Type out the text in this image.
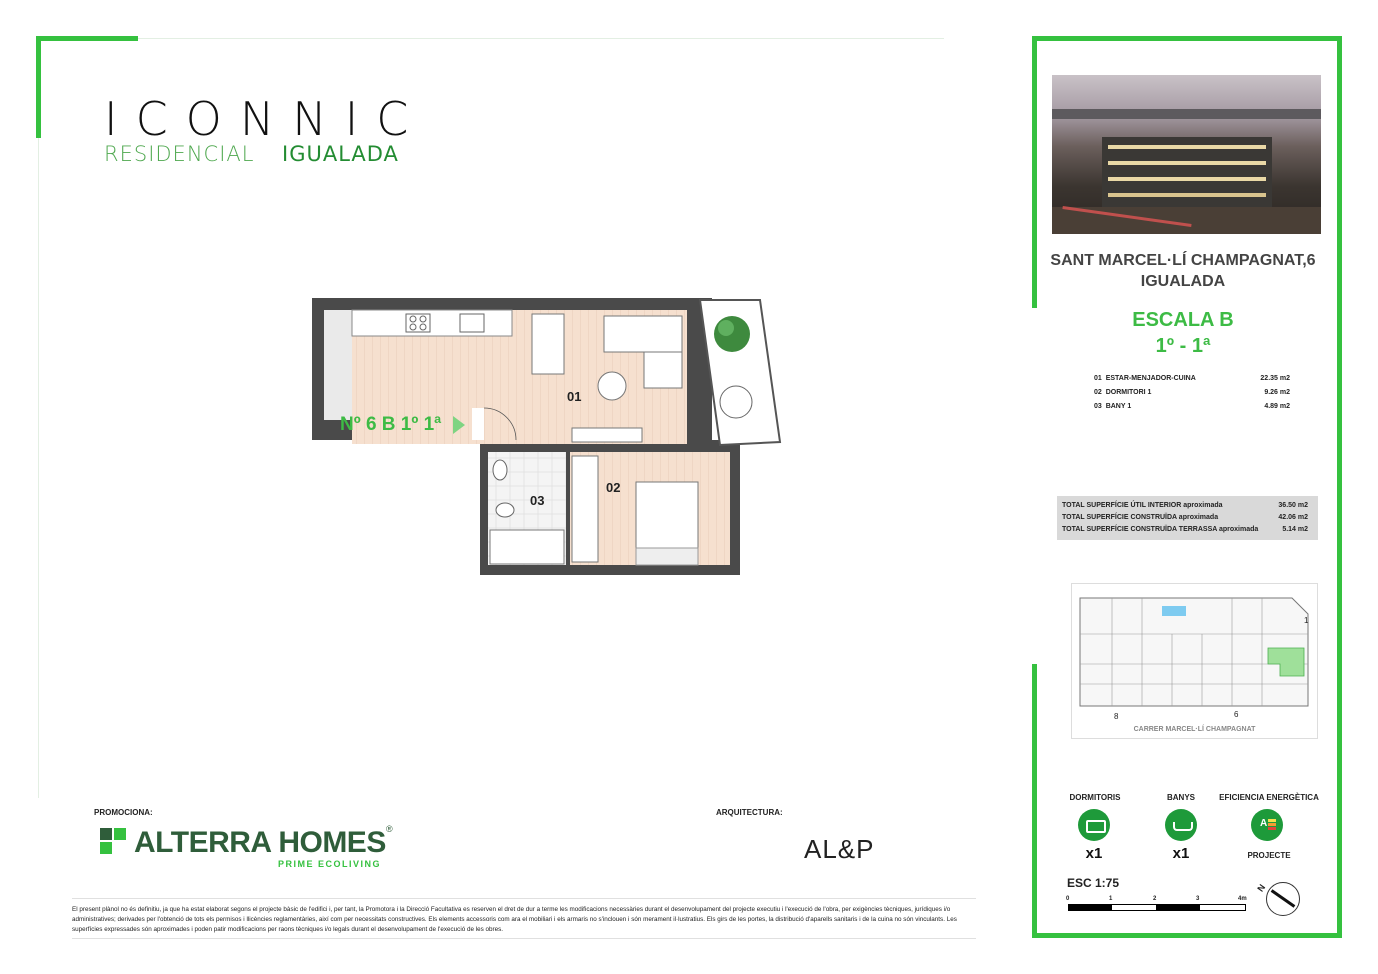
ICONNIC
RESIDENCIAL IGUALADA
01
02
03
Nº 6 B 1º 1ª
PROMOCIONA:
ALTERRA HOMES ®
PRIME ECOLIVING
ARQUITECTURA:
AL&P
El present plànol no és definitiu, ja que ha estat elaborat segons el projecte bàsic de l'edifici i, per tant, la Promotora i la Direcció Facultativa es reserven el dret de dur a terme les modificacions necessàries durant el desenvolupament del projecte executiu i l'execució de l'obra, per exigències tècniques, jurídiques i/o administratives; derivades per l'obtenció de tots els permisos i llicències reglamentàries, així com per necessitats constructives. Els elements accessoris com ara el mobiliari i els armaris no s'inclouen i són merament il·lustratius. Els girs de les portes, la distribució d'aparells sanitaris i de la cuina no són vinculants. Les superfícies expressades són aproximades i poden patir modificacions per raons tècniques i/o legals durant el desenvolupament de l'execució de les obres.
SANT MARCEL·LÍ CHAMPAGNAT,6
IGUALADA
ESCALA B
1º - 1ª
01 ESTAR-MENJADOR-CUINA	22.35 m2
02 DORMITORI 1	9.26 m2
03 BANY 1	4.89 m2
TOTAL SUPERFÍCIE ÚTIL INTERIOR aproximada	36.50 m2
TOTAL SUPERFÍCIE CONSTRUÏDA aproximada	42.06 m2
TOTAL SUPERFÍCIE CONSTRUÏDA TERRASSA aproximada	5.14 m2
1
8	6
CARRER MARCEL·LÍ CHAMPAGNAT
DORMITORIS
x1
BANYS
x1
EFICIENCIA ENERGÈTICA
A
PROJECTE
ESC 1:75
0	1	2	3	4m
N
